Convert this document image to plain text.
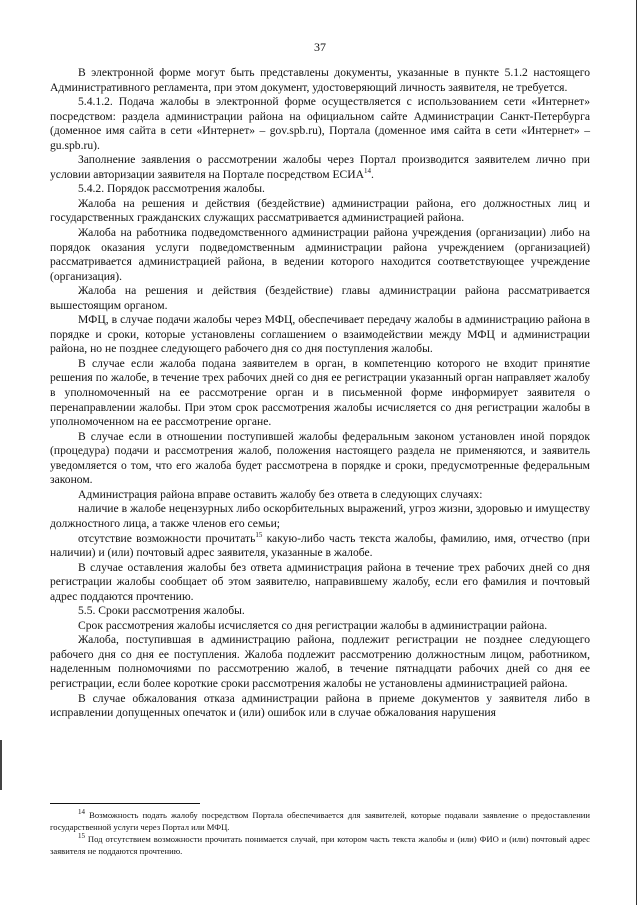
37

В электронной форме могут быть представлены документы, указанные в пункте 5.1.2 настоящего Административного регламента, при этом документ, удостоверяющий личность заявителя, не требуется.

5.4.1.2. Подача жалобы в электронной форме осуществляется с использованием сети «Интернет» посредством: раздела администрации района на официальном сайте Администрации Санкт-Петербурга (доменное имя сайта в сети «Интернет» – gov.spb.ru), Портала (доменное имя сайта в сети «Интернет» – gu.spb.ru).

Заполнение заявления о рассмотрении жалобы через Портал производится заявителем лично при условии авторизации заявителя на Портале посредством ЕСИА$^{14}$.

5.4.2. Порядок рассмотрения жалобы.

Жалоба на решения и действия (бездействие) администрации района, его должностных лиц и государственных гражданских служащих рассматривается администрацией района.

Жалоба на работника подведомственного администрации района учреждения (организации) либо на порядок оказания услуги подведомственным администрации района учреждением (организацией) рассматривается администрацией района, в ведении которого находится соответствующее учреждение (организация).

Жалоба на решения и действия (бездействие) главы администрации района рассматривается вышестоящим органом.

МФЦ, в случае подачи жалобы через МФЦ, обеспечивает передачу жалобы в администрацию района в порядке и сроки, которые установлены соглашением о взаимодействии между МФЦ и администрации района, но не позднее следующего рабочего дня со дня поступления жалобы.

В случае если жалоба подана заявителем в орган, в компетенцию которого не входит принятие решения по жалобе, в течение трех рабочих дней со дня ее регистрации указанный орган направляет жалобу в уполномоченный на ее рассмотрение орган и в письменной форме информирует заявителя о перенаправлении жалобы. При этом срок рассмотрения жалобы исчисляется со дня регистрации жалобы в уполномоченном на ее рассмотрение органе.

В случае если в отношении поступившей жалобы федеральным законом установлен иной порядок (процедура) подачи и рассмотрения жалоб, положения настоящего раздела не применяются, и заявитель уведомляется о том, что его жалоба будет рассмотрена в порядке и сроки, предусмотренные федеральным законом.

Администрация района вправе оставить жалобу без ответа в следующих случаях:

наличие в жалобе нецензурных либо оскорбительных выражений, угроз жизни, здоровью и имуществу должностного лица, а также членов его семьи;

отсутствие возможности прочитать$^{15}$ какую-либо часть текста жалобы, фамилию, имя, отчество (при наличии) и (или) почтовый адрес заявителя, указанные в жалобе.

В случае оставления жалобы без ответа администрация района в течение трех рабочих дней со дня регистрации жалобы сообщает об этом заявителю, направившему жалобу, если его фамилия и почтовый адрес поддаются прочтению.

5.5. Сроки рассмотрения жалобы.

Срок рассмотрения жалобы исчисляется со дня регистрации жалобы в администрации района.

Жалоба, поступившая в администрацию района, подлежит регистрации не позднее следующего рабочего дня со дня ее поступления. Жалоба подлежит рассмотрению должностным лицом, работником, наделенным полномочиями по рассмотрению жалоб, в течение пятнадцати рабочих дней со дня ее регистрации, если более короткие сроки рассмотрения жалобы не установлены администрацией района.

В случае обжалования отказа администрации района в приеме документов у заявителя либо в исправлении допущенных опечаток и (или) ошибок или в случае обжалования нарушения

$^{14}$ Возможность подать жалобу посредством Портала обеспечивается для заявителей, которые подавали заявление о предоставлении государственной услуги через Портал или МФЦ.

$^{15}$ Под отсутствием возможности прочитать понимается случай, при котором часть текста жалобы и (или) ФИО и (или) почтовый адрес заявителя не поддаются прочтению.
